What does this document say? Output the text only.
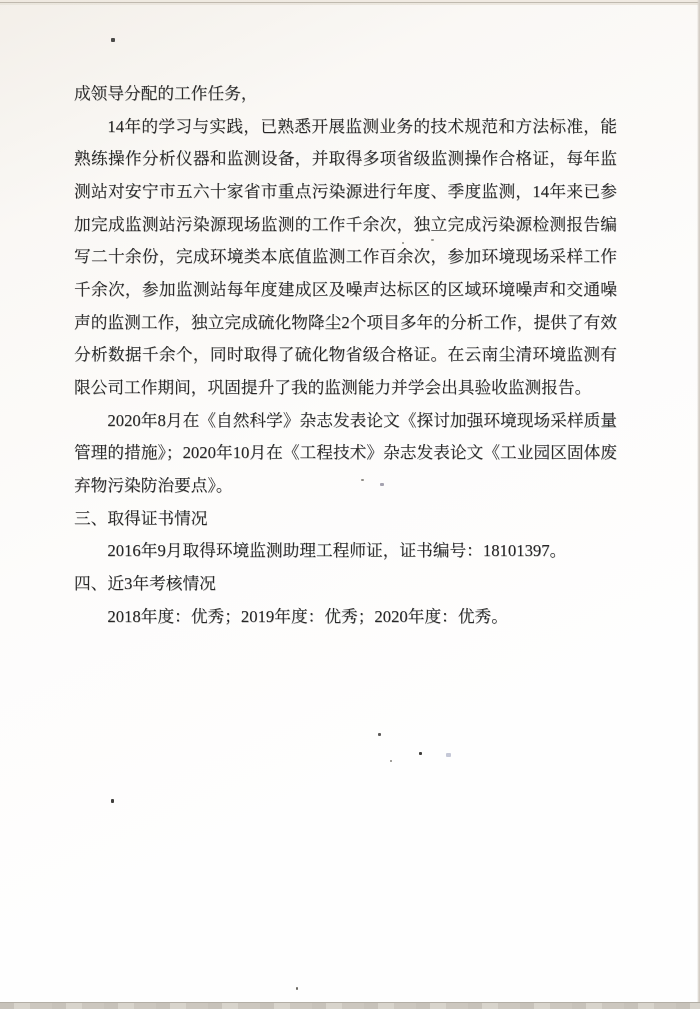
成领导分配的工作任务，

14年的学习与实践，已熟悉开展监测业务的技术规范和方法标准，能熟练操作分析仪器和监测设备，并取得多项省级监测操作合格证，每年监测站对安宁市五六十家省市重点污染源进行年度、季度监测，14年来已参加完成监测站污染源现场监测的工作千余次，独立完成污染源检测报告编写二十余份，完成环境类本底值监测工作百余次，参加环境现场采样工作千余次，参加监测站每年度建成区及噪声达标区的区域环境噪声和交通噪声的监测工作，独立完成硫化物降尘2个项目多年的分析工作，提供了有效分析数据千余个，同时取得了硫化物省级合格证。在云南尘清环境监测有限公司工作期间，巩固提升了我的监测能力并学会出具验收监测报告。

2020年8月在《自然科学》杂志发表论文《探讨加强环境现场采样质量管理的措施》；2020年10月在《工程技术》杂志发表论文《工业园区固体废弃物污染防治要点》。

三、取得证书情况

2016年9月取得环境监测助理工程师证，证书编号：18101397。

四、近3年考核情况

2018年度：优秀；2019年度：优秀；2020年度：优秀。
